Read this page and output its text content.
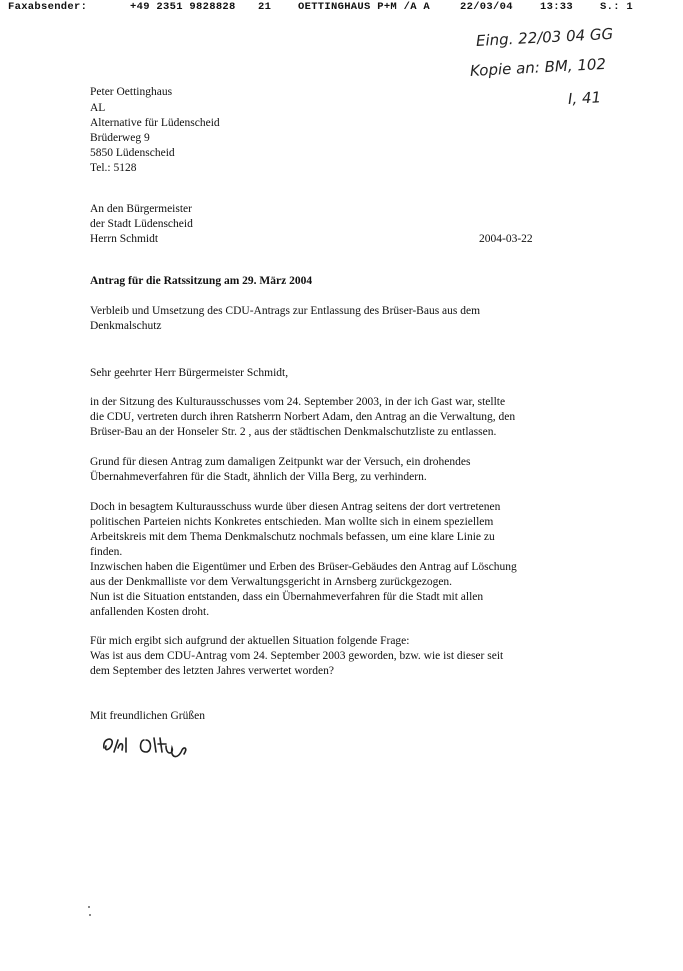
Faxabsender:	+49 2351 9828828 21	OETTINGHAUS P+M /A A	22/03/04	13:33	S.: 1
Eing. 22/03 04 GG
Kopie an: BM, 102
I, 41
Peter Oettinghaus
AL
Alternative für Lüdenscheid
Brüderweg 9
5850 Lüdenscheid
Tel.: 5128
An den Bürgermeister
der Stadt Lüdenscheid
Herrn Schmidt	2004-03-22
Antrag für die Ratssitzung am 29. März 2004
Verbleib und Umsetzung des CDU-Antrags zur Entlassung des Brüser-Baus aus dem
Denkmalschutz
Sehr geehrter Herr Bürgermeister Schmidt,
in der Sitzung des Kulturausschusses vom 24. September 2003, in der ich Gast war, stellte
die CDU, vertreten durch ihren Ratsherrn Norbert Adam, den Antrag an die Verwaltung, den
Brüser-Bau an der Honseler Str. 2 , aus der städtischen Denkmalschutzliste zu entlassen.
Grund für diesen Antrag zum damaligen Zeitpunkt war der Versuch, ein drohendes
Übernahmeverfahren für die Stadt, ähnlich der Villa Berg, zu verhindern.
Doch in besagtem Kulturausschuss wurde über diesen Antrag seitens der dort vertretenen
politischen Parteien nichts Konkretes entschieden. Man wollte sich in einem speziellem
Arbeitskreis mit dem Thema Denkmalschutz nochmals befassen, um eine klare Linie zu
finden.
Inzwischen haben die Eigentümer und Erben des Brüser-Gebäudes den Antrag auf Löschung
aus der Denkmalliste vor dem Verwaltungsgericht in Arnsberg zurückgezogen.
Nun ist die Situation entstanden, dass ein Übernahmeverfahren für die Stadt mit allen
anfallenden Kosten droht.
Für mich ergibt sich aufgrund der aktuellen Situation folgende Frage:
Was ist aus dem CDU-Antrag vom 24. September 2003 geworden, bzw. wie ist dieser seit
dem September des letzten Jahres verwertet worden?
Mit freundlichen Grüßen
